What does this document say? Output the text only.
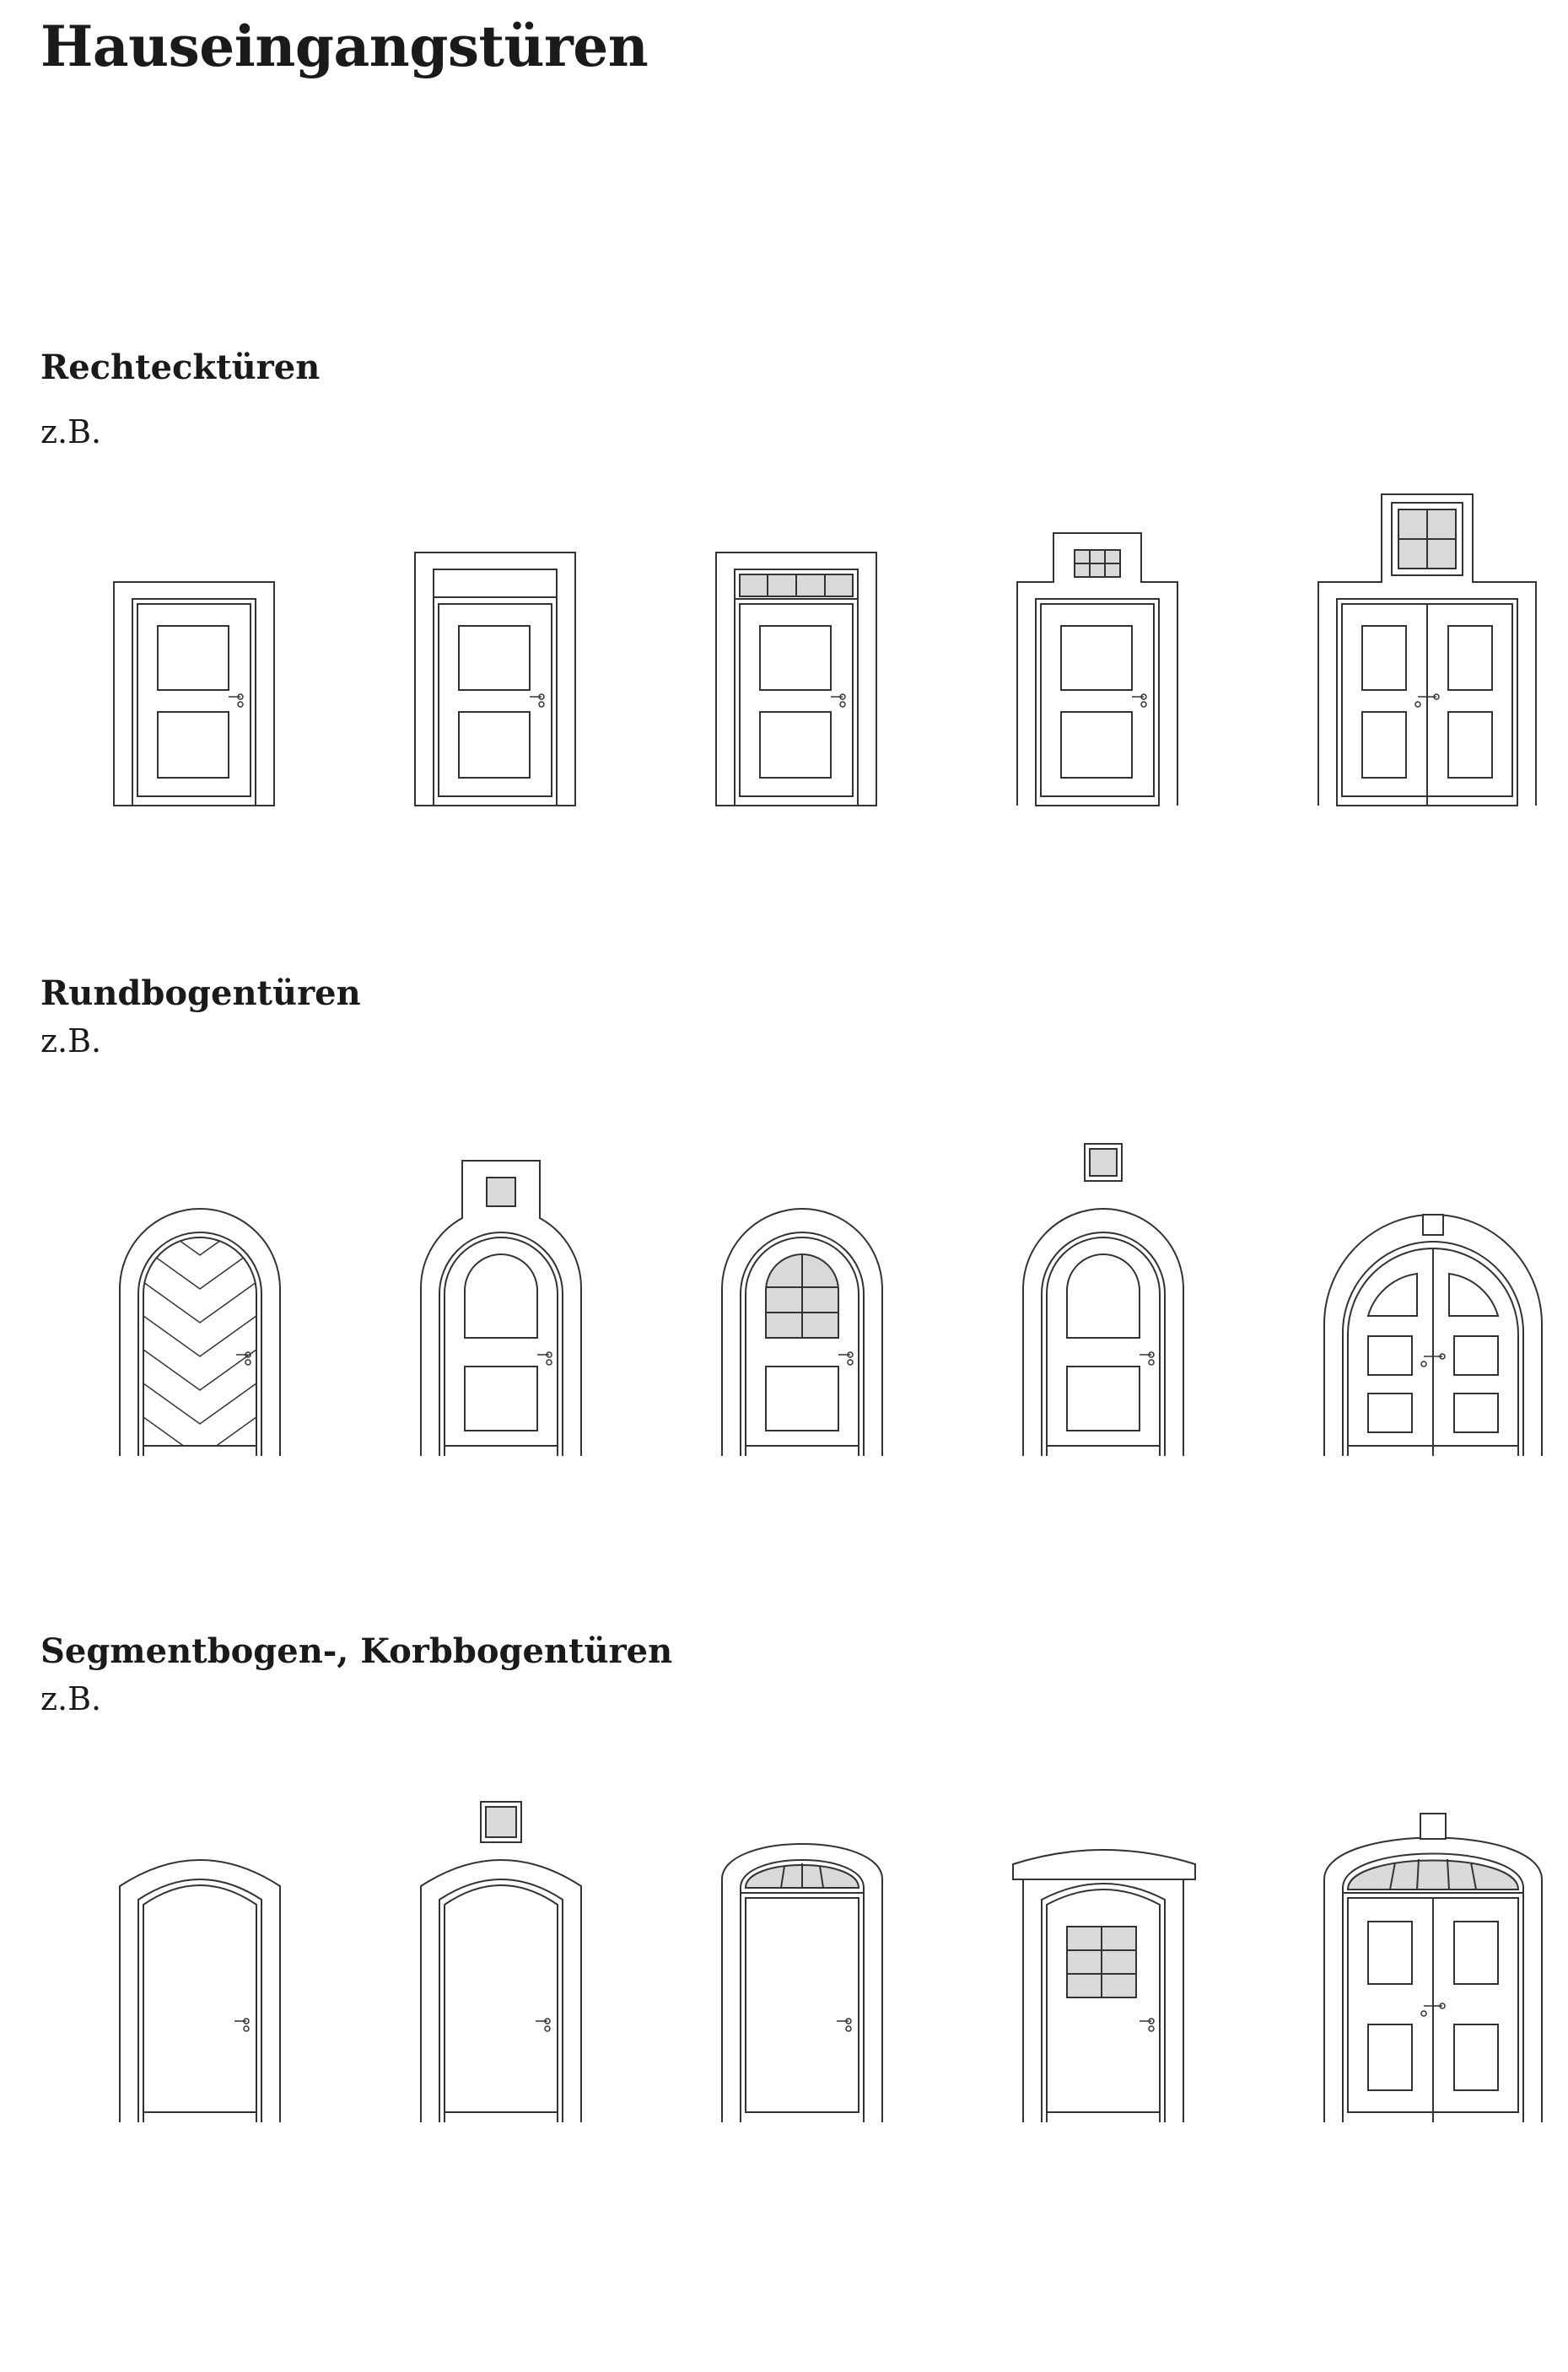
Hauseingangstüren
Rechtecktüren

z.B.

Rundbogentüren

z.B.

Segmentbogen-, Korbbogentüren

z.B.
